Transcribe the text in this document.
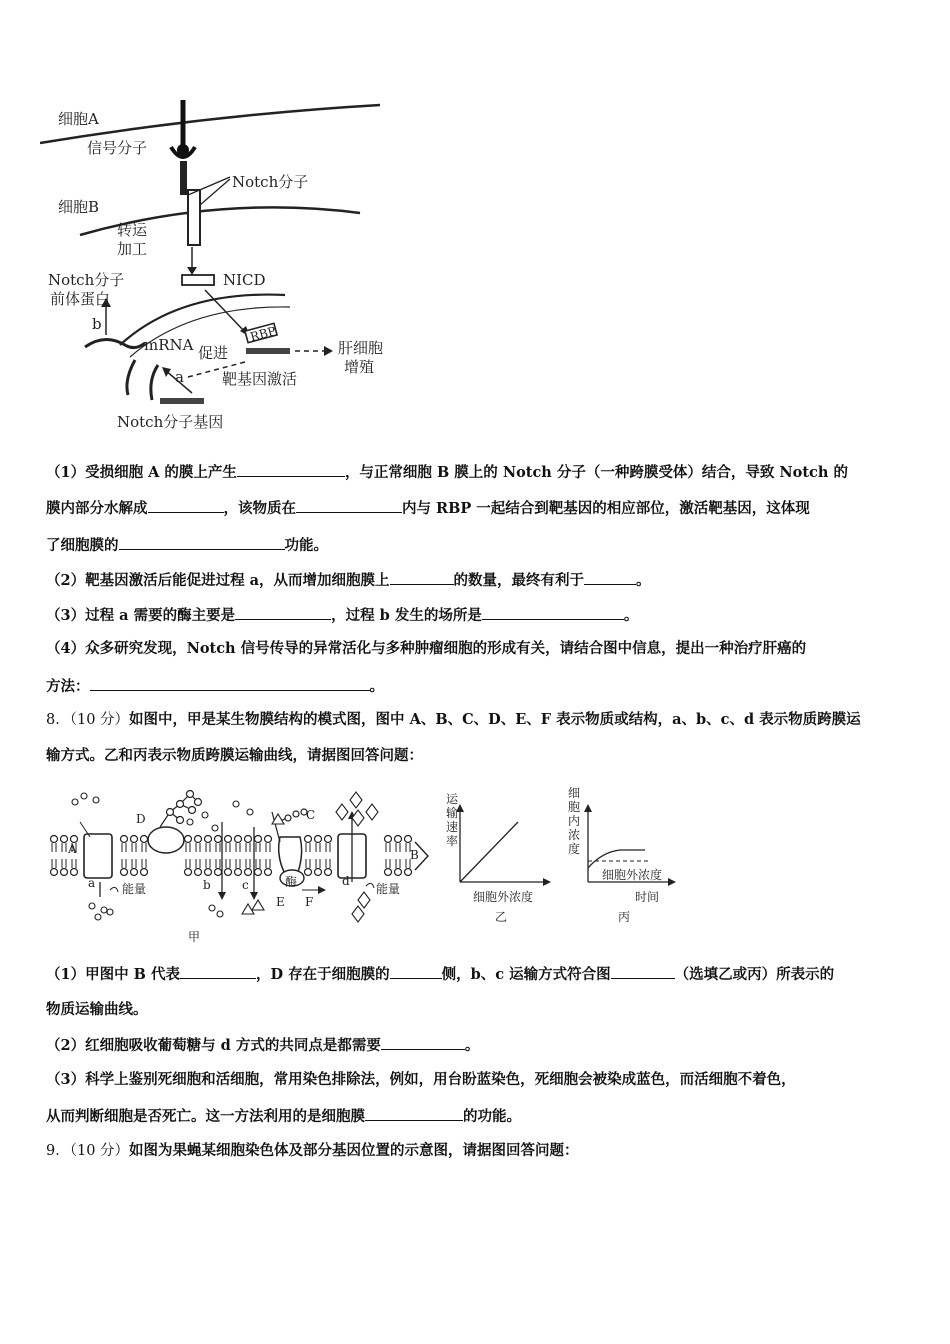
细胞A
信号分子
Notch分子
细胞B
转运
加工
NICD
Notch分子
前体蛋白
b
mRNA 促进
RBP
肝细胞
增殖
a	靶基因激活
Notch分子基因
（1）受损细胞 A 的膜上产生	，与正常细胞 B 膜上的 Notch 分子（一种跨膜受体）结合，导致 Notch 的
膜内部分水解成	，该物质在	内与 RBP 一起结合到靶基因的相应部位，激活靶基因，这体现
了细胞膜的	功能。
（2）靶基因激活后能促进过程 a，从而增加细胞膜上	的数量，最终有利于	。
（3）过程 a 需要的酶主要是	，过程 b 发生的场所是	。
（4）众多研究发现，Notch 信号传导的异常活化与多种肿瘤细胞的形成有关，请结合图中信息，提出一种治疗肝癌的
方法：	。
8．（10 分）如图中，甲是某生物膜结构的模式图，图中 A、B、C、D、E、F 表示物质或结构，a、b、c、d 表示物质跨膜运
输方式。乙和丙表示物质跨膜运输曲线，请据图回答问题：
A
D	C
B
a 能量	b	c	酶
E F
d
能量
甲
运
输
速
率
细胞外浓度
乙
细
胞
内
浓
度
细胞外浓度
时间
丙
（1）甲图中 B 代表	，D 存在于细胞膜的	侧，b、c 运输方式符合图	（选填乙或丙）所表示的
物质运输曲线。
（2）红细胞吸收葡萄糖与 d 方式的共同点是都需要	。
（3）科学上鉴别死细胞和活细胞，常用染色排除法，例如，用台盼蓝染色，死细胞会被染成蓝色，而活细胞不着色，
从而判断细胞是否死亡。这一方法利用的是细胞膜	的功能。
9．（10 分）如图为果蝇某细胞染色体及部分基因位置的示意图，请据图回答问题：
